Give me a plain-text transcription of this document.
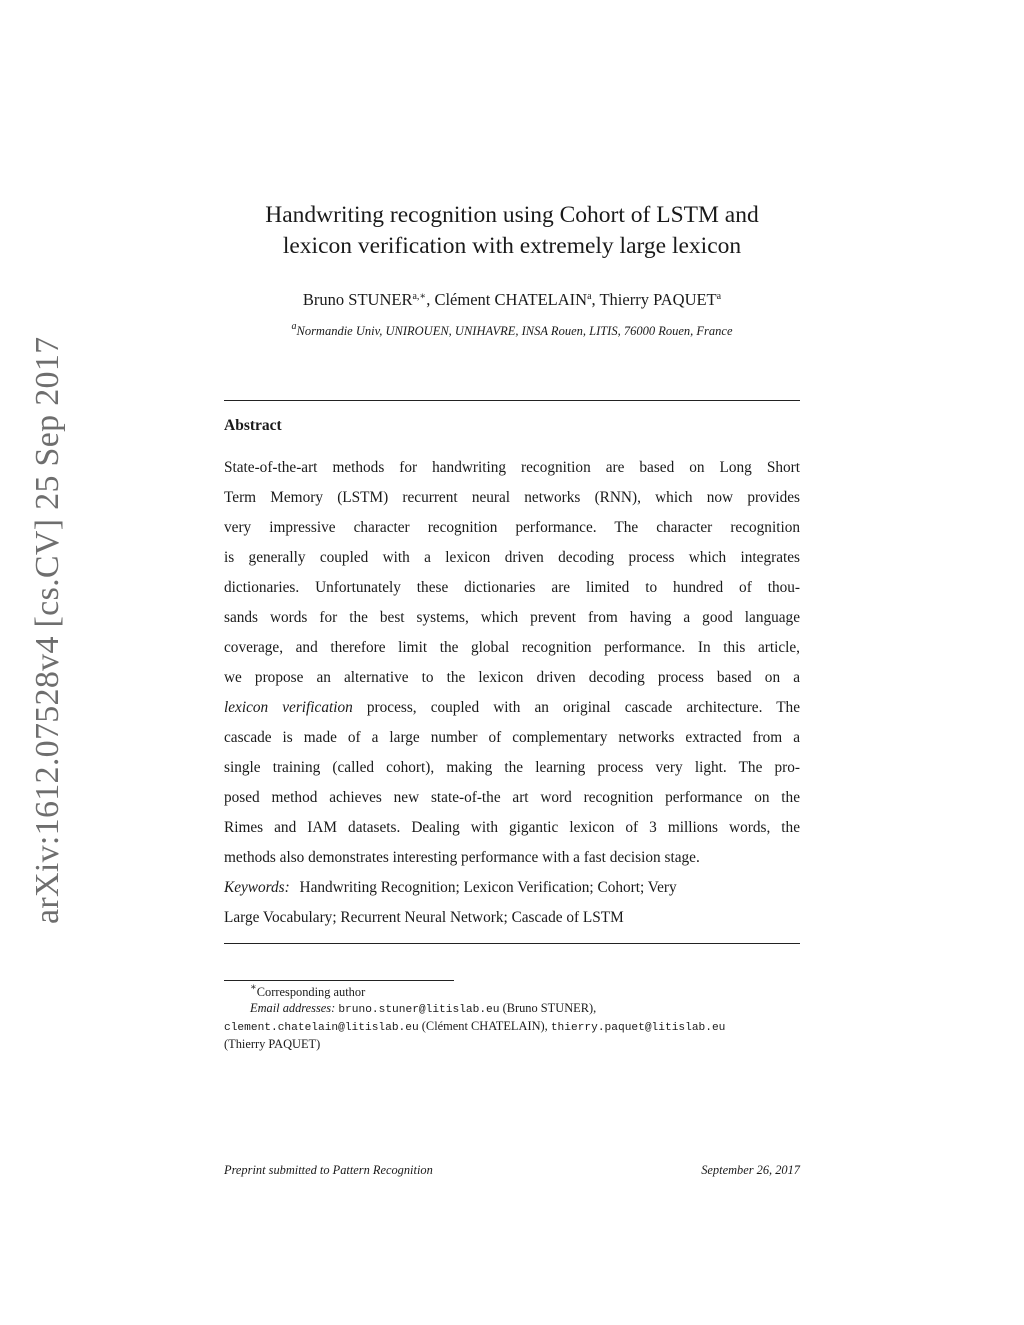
arXiv:1612.07528v4 [cs.CV] 25 Sep 2017
Handwriting recognition using Cohort of LSTM and
lexicon verification with extremely large lexicon
Bruno $STUNER^{a,∗}$, Clément CHATELAIN$^a$, Thierry PAQUET$^a$
$^a$Normandie Univ, UNIROUEN, UNIHAVRE, INSA Rouen, LITIS, 76000 Rouen, France
Abstract
State-of-the-art methods for handwriting recognition are based on Long Short
Term Memory (LSTM) recurrent neural networks (RNN), which now provides
very impressive character recognition performance. The character recognition
is generally coupled with a lexicon driven decoding process which integrates
dictionaries. Unfortunately these dictionaries are limited to hundred of thou-
sands words for the best systems, which prevent from having a good language
coverage, and therefore limit the global recognition performance. In this article,
we propose an alternative to the lexicon driven decoding process based on a
lexicon verification process, coupled with an original cascade architecture. The
cascade is made of a large number of complementary networks extracted from a
single training (called cohort), making the learning process very light. The pro-
posed method achieves new state-of-the art word recognition performance on the
Rimes and IAM datasets. Dealing with gigantic lexicon of 3 millions words, the
methods also demonstrates interesting performance with a fast decision stage.
Keywords: Handwriting Recognition; Lexicon Verification; Cohort; Very
Large Vocabulary; Recurrent Neural Network; Cascade of LSTM
∗Corresponding author
Email addresses: bruno.stuner@litislab.eu (Bruno STUNER),
clement.chatelain@litislab.eu (Clément CHATELAIN), thierry.paquet@litislab.eu
(Thierry PAQUET)
Preprint submitted to Pattern Recognition	September 26, 2017
